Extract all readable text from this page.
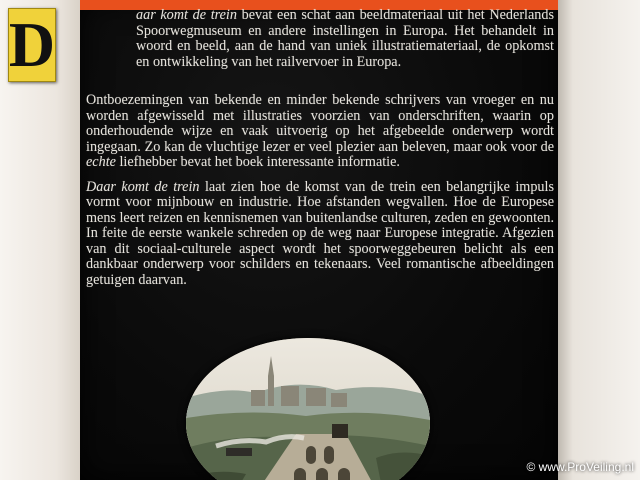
D	aar komt de trein bevat een schat aan beeldmateriaal uit het Nederlands Spoorwegmuseum en andere instellingen in Europa. Het behandelt in woord en beeld, aan de hand van uniek illustratiemateriaal, de opkomst en ontwikkeling van het railvervoer in Europa.

Ontboezemingen van bekende en minder bekende schrijvers van vroeger en nu worden afgewisseld met illustraties voorzien van onderschriften, waarin op onderhoudende wijze en vaak uitvoerig op het afgebeelde onderwerp wordt ingegaan. Zo kan de vluchtige lezer er veel plezier aan beleven, maar ook voor de echte liefhebber bevat het boek interessante informatie.

Daar komt de trein laat zien hoe de komst van de trein een belangrijke impuls vormt voor mijnbouw en industrie. Hoe afstanden wegvallen. Hoe de Europese mens leert reizen en kennisnemen van buitenlandse culturen, zeden en gewoonten. In feite de eerste wankele schreden op de weg naar Europese integratie. Afgezien van dit sociaal-culturele aspect wordt het spoorweggebeuren belicht als een dankbaar onderwerp voor schilders en tekenaars. Veel romantische afbeeldingen getuigen daarvan.

© www.ProVeiling.nl
